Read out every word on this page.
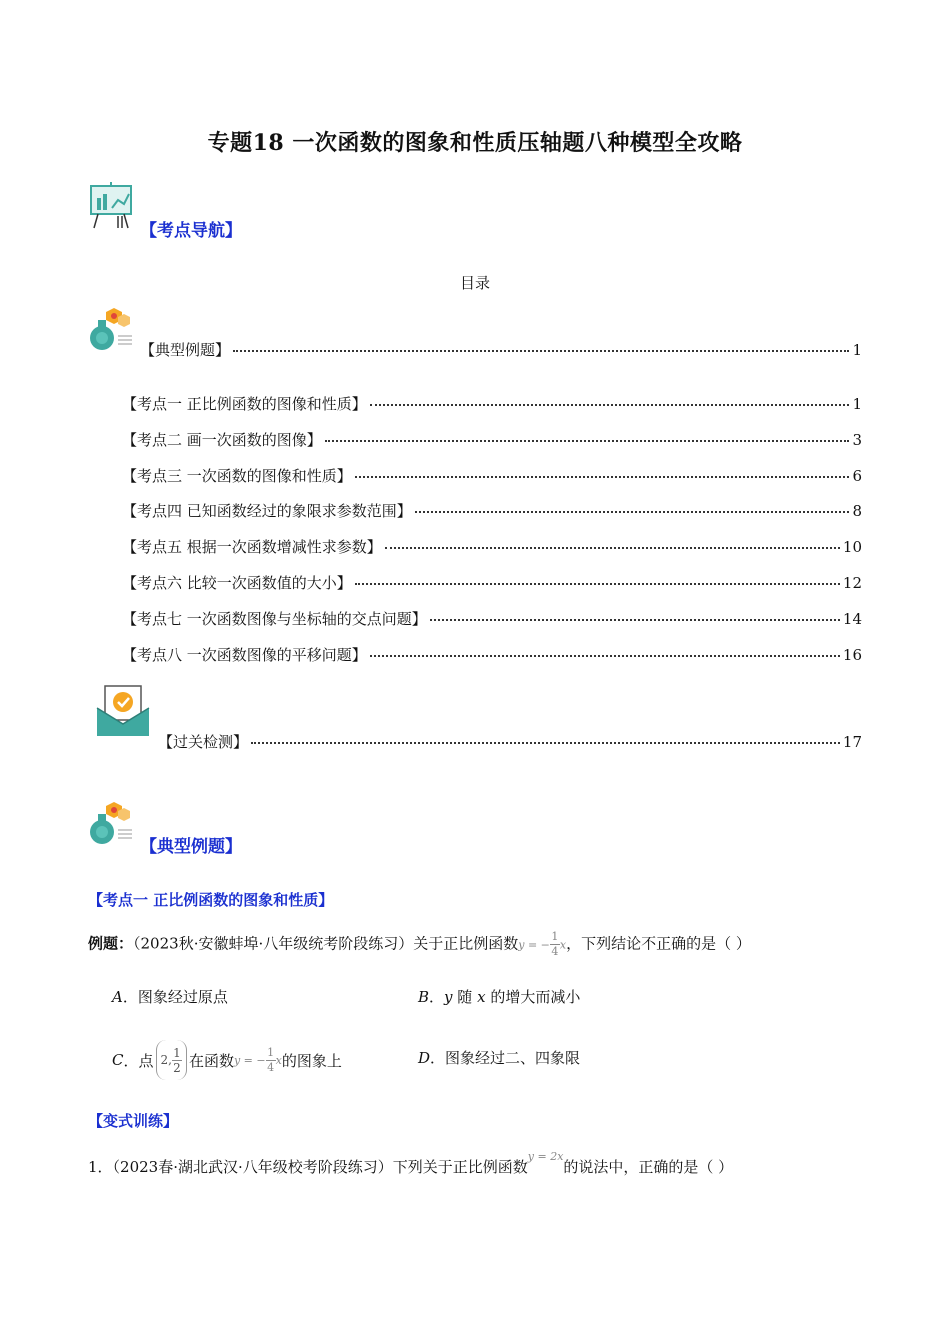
专题18 一次函数的图象和性质压轴题八种模型全攻略
【考点导航】
目录
【典型例题】	1
【考点一 正比例函数的图像和性质】	1
【考点二 画一次函数的图像】	3
【考点三 一次函数的图像和性质】	6
【考点四 已知函数经过的象限求参数范围】	8
【考点五 根据一次函数增减性求参数】	10
【考点六 比较一次函数值的大小】	12
【考点七 一次函数图像与坐标轴的交点问题】	14
【考点八 一次函数图像的平移问题】	16
【过关检测】	17
【典型例题】
【考点一 正比例函数的图象和性质】
例题：（2023秋·安徽蚌埠·八年级统考阶段练习）关于正比例函数y = − $\frac{1}{4}$ x，下列结论不正确的是（ ）
A．图象经过原点	B．y 随 x 的增大而减小
C ．点 2, $\frac{1}{2}$ 在函数 y = − $\frac{1}{4}$ x 的图象上	D．图象经过二、四象限
【变式训练】
1．（2023春·湖北武汉·八年级校考阶段练习）下列关于正比例函数$^{y = 2x}$的说法中，正确的是（ ）
